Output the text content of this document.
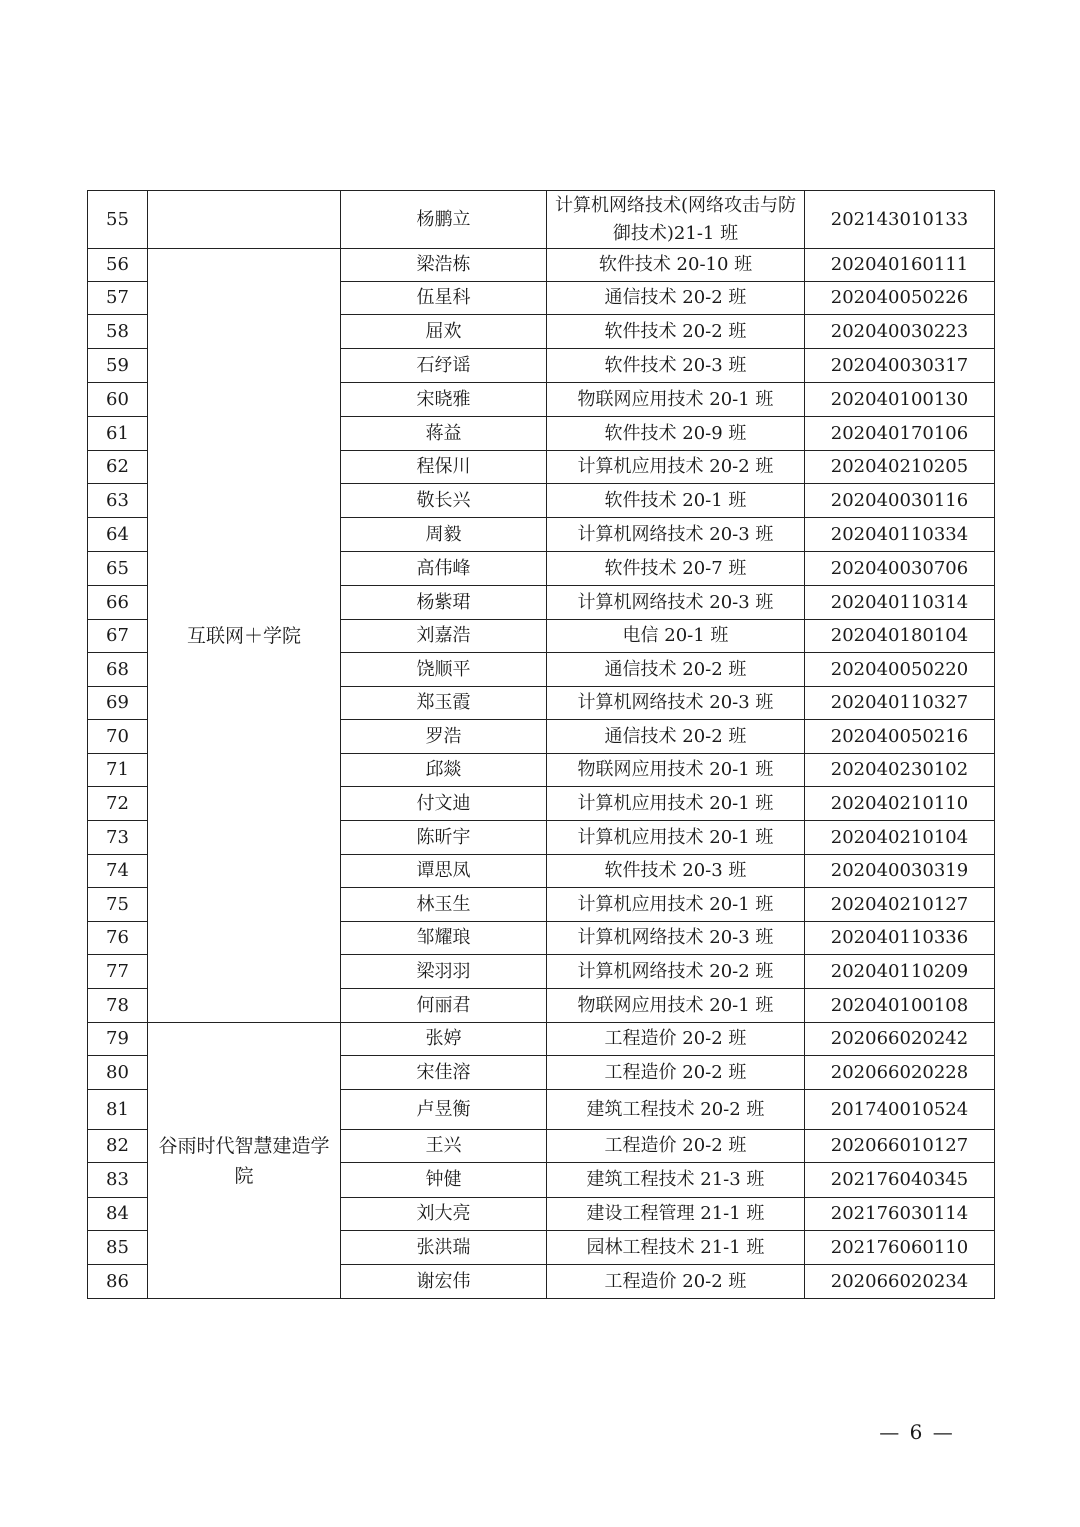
55		杨鹏立	计算机网络技术(网络攻击与防御技术)21-1 班	202143010133
56	互联网＋学院	梁浩栋	软件技术 20-10 班	202040160111
57		伍星科	通信技术 20-2 班	202040050226
58		屈欢	软件技术 20-2 班	202040030223
59		石纾谣	软件技术 20-3 班	202040030317
60		宋晓雅	物联网应用技术 20-1 班	202040100130
61		蒋益	软件技术 20-9 班	202040170106
62		程保川	计算机应用技术 20-2 班	202040210205
63		敬长兴	软件技术 20-1 班	202040030116
64		周毅	计算机网络技术 20-3 班	202040110334
65		高伟峰	软件技术 20-7 班	202040030706
66		杨紫珺	计算机网络技术 20-3 班	202040110314
67		刘嘉浩	电信 20-1 班	202040180104
68		饶顺平	通信技术 20-2 班	202040050220
69		郑玉霞	计算机网络技术 20-3 班	202040110327
70		罗浩	通信技术 20-2 班	202040050216
71		邱燚	物联网应用技术 20-1 班	202040230102
72		付文迪	计算机应用技术 20-1 班	202040210110
73		陈昕宇	计算机应用技术 20-1 班	202040210104
74		谭思凤	软件技术 20-3 班	202040030319
75		林玉生	计算机应用技术 20-1 班	202040210127
76		邹耀琅	计算机网络技术 20-3 班	202040110336
77		梁羽羽	计算机网络技术 20-2 班	202040110209
78		何丽君	物联网应用技术 20-1 班	202040100108
79	谷雨时代智慧建造学院	张婷	工程造价 20-2 班	202066020242
80		宋佳溶	工程造价 20-2 班	202066020228
81		卢昱衡	建筑工程技术 20-2 班	201740010524
82		王兴	工程造价 20-2 班	202066010127
83		钟健	建筑工程技术 21-3 班	202176040345
84		刘大亮	建设工程管理 21-1 班	202176030114
85		张洪瑞	园林工程技术 21-1 班	202176060110
86		谢宏伟	工程造价 20-2 班	202066020234
— 6 —
